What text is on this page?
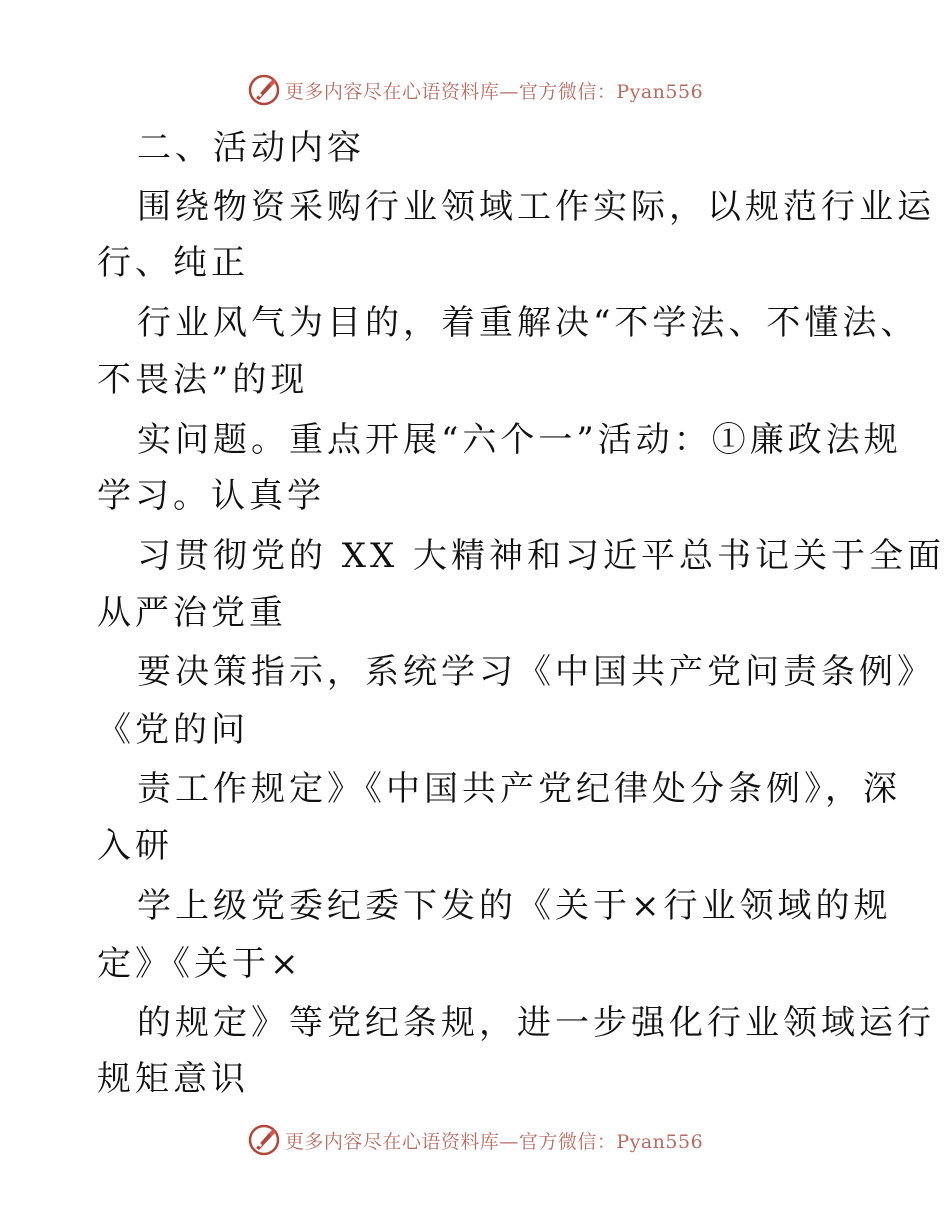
更多内容尽在心语资料库—官方微信：Pyan556
二、活动内容
围绕物资采购行业领域工作实际，以规范行业运
行、纯正
行业风气为目的，着重解决“不学法、不懂法、
不畏法”的现
实问题。重点开展“六个一”活动：①廉政法规
学习。认真学
习贯彻党的 XX 大精神和习近平总书记关于全面
从严治党重
要决策指示，系统学习《中国共产党问责条例》
《党的问
责工作规定》《中国共产党纪律处分条例》，深
入研
学上级党委纪委下发的《关于×行业领域的规
定》《关于×
的规定》等党纪条规，进一步强化行业领域运行
规矩意识
更多内容尽在心语资料库—官方微信：Pyan556
